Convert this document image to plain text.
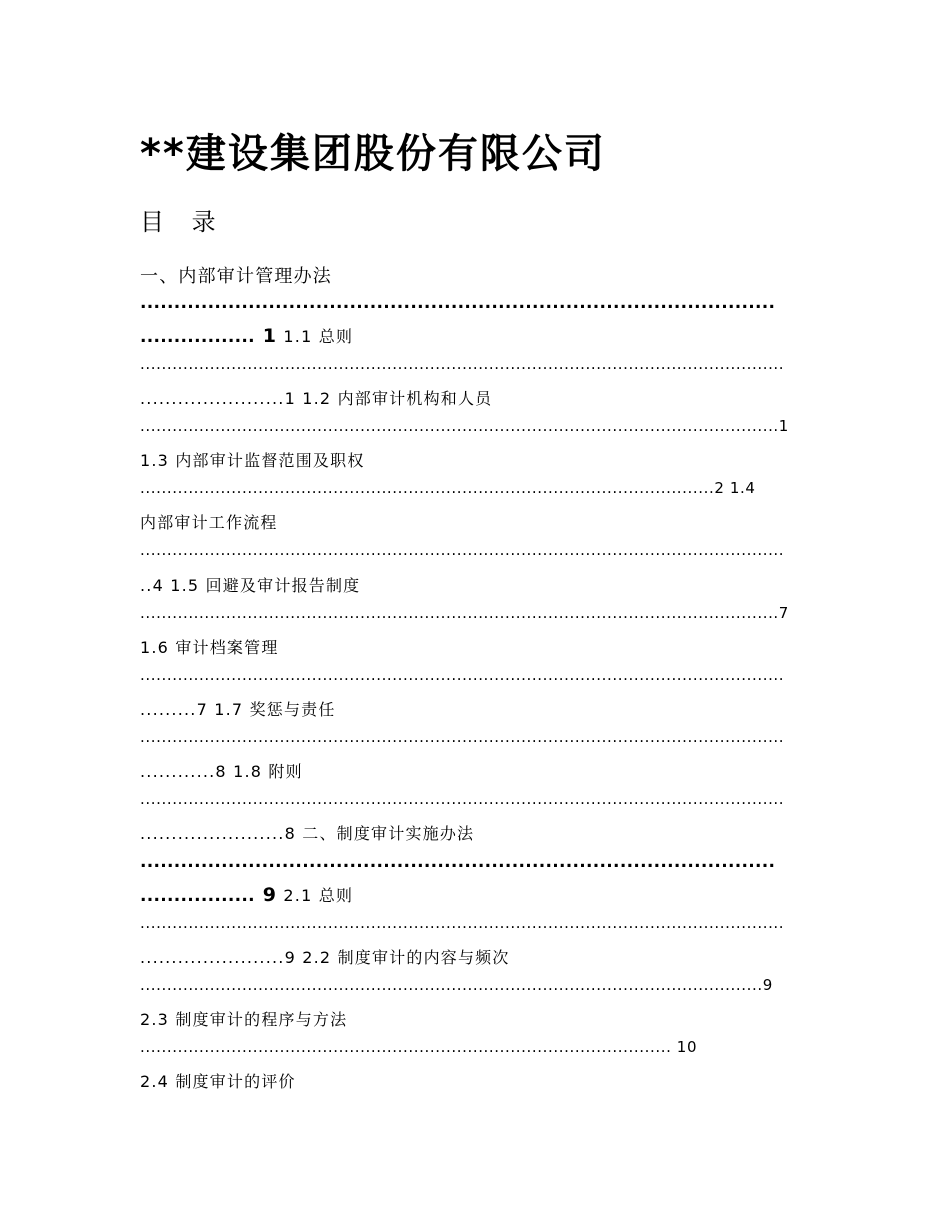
**建设集团股份有限公司
目 录
一、内部审计管理办法
..............................................................................................
................. 1 1.1 总则
........................................................................................................................
.......................1 1.2 内部审计机构和人员
.......................................................................................................................1
1.3 内部审计监督范围及职权
...........................................................................................................2 1.4
内部审计工作流程
........................................................................................................................
..4 1.5 回避及审计报告制度
.......................................................................................................................7
1.6 审计档案管理
........................................................................................................................
.........7 1.7 奖惩与责任
........................................................................................................................
............8 1.8 附则
........................................................................................................................
.......................8 二、制度审计实施办法
..............................................................................................
................. 9 2.1 总则
........................................................................................................................
.......................9 2.2 制度审计的内容与频次
....................................................................................................................9
2.3 制度审计的程序与方法
................................................................................................... 10
2.4 制度审计的评价
